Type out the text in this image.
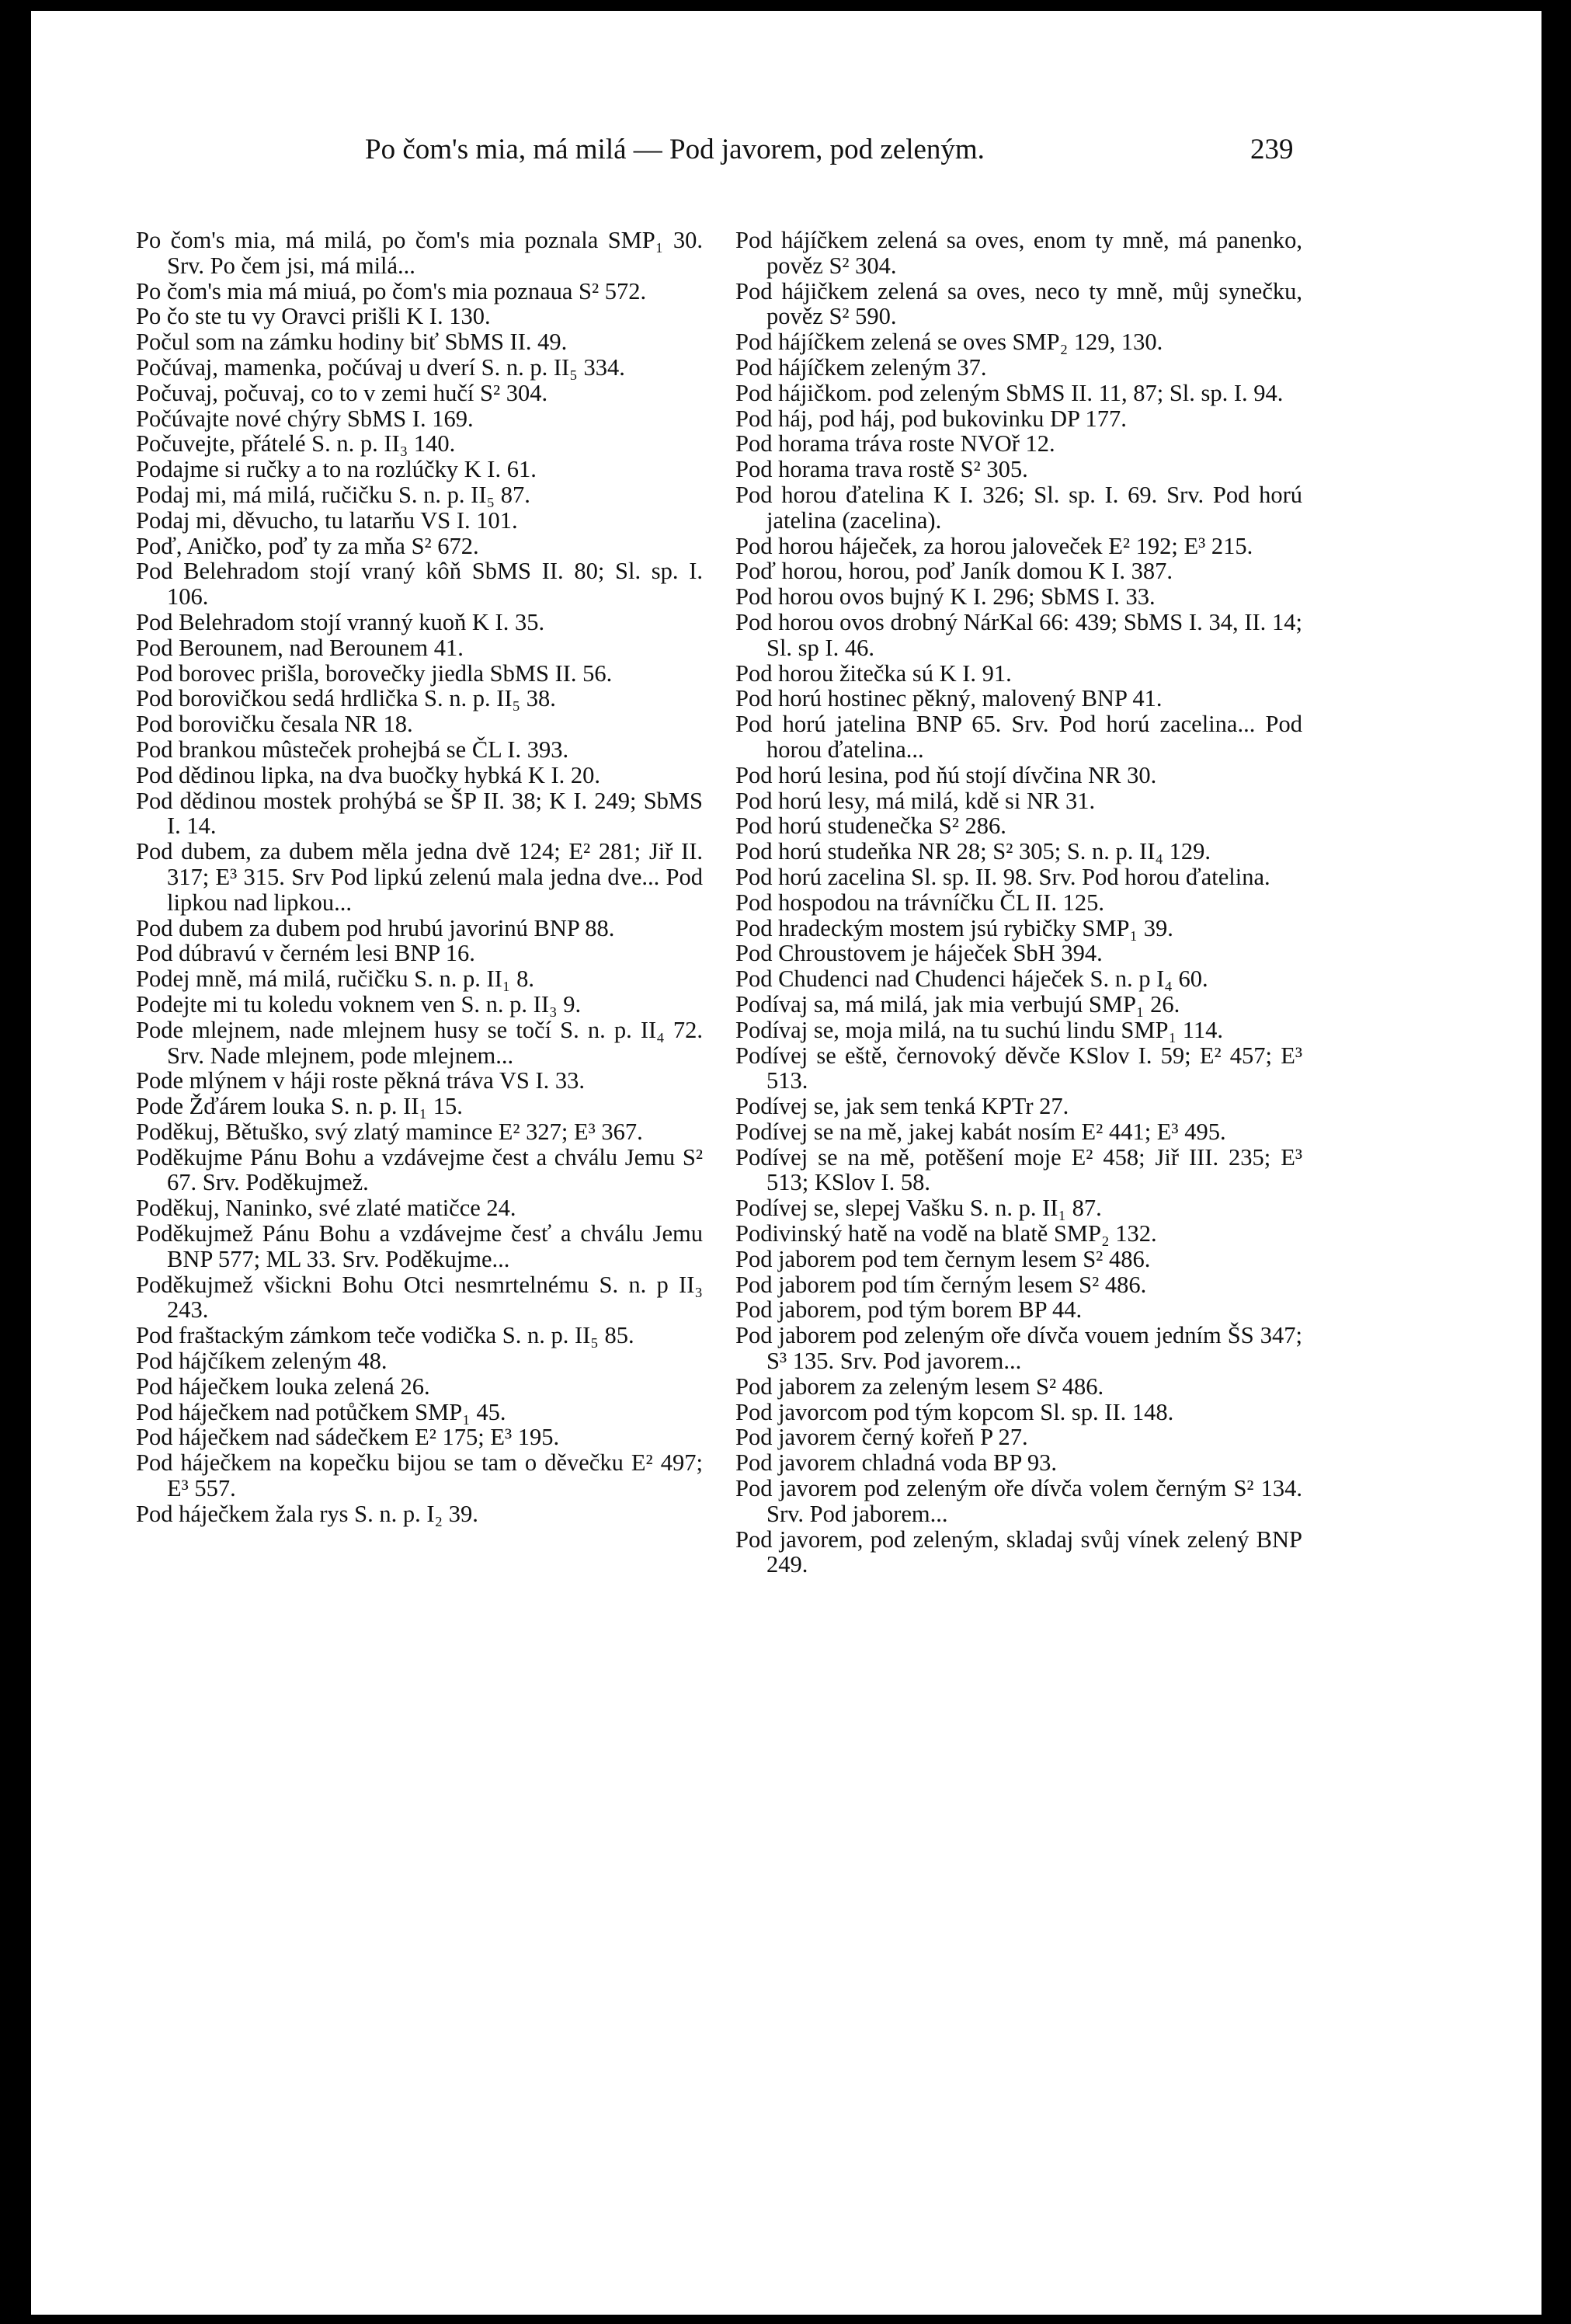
Po čom's mia, má milá — Pod javorem, pod zeleným.	239
Po čom's mia, má milá, po čom's mia poznala SMP₁ 30. Srv. Po čem jsi, má milá...
Po čom's mia má miuá, po čom's mia poznaua S² 572.
Po čo ste tu vy Oravci prišli K I. 130.
Počul som na zámku hodiny biť SbMS II. 49.
Počúvaj, mamenka, počúvaj u dverí S. n. p. II₅ 334.
Počuvaj, počuvaj, co to v zemi hučí S² 304.
Počúvajte nové chýry SbMS I. 169.
Počuvejte, přátelé S. n. p. II₃ 140.
Podajme si ručky a to na rozlúčky K I. 61.
Podaj mi, má milá, ručičku S. n. p. II₅ 87.
Podaj mi, děvucho, tu latarňu VS I. 101.
Poď, Aničko, poď ty za mňa S² 672.
Pod Belehradom stojí vraný kôň SbMS II. 80; Sl. sp. I. 106.
Pod Belehradom stojí vranný kuoň K I. 35.
Pod Berounem, nad Berounem 41.
Pod borovec prišla, borovečky jiedla SbMS II. 56.
Pod borovičkou sedá hrdlička S. n. p. II₅ 38.
Pod borovičku česala NR 18.
Pod brankou mûsteček prohejbá se ČL I. 393.
Pod dědinou lipka, na dva buočky hybká K I. 20.
Pod dědinou mostek prohýbá se ŠP II. 38; K I. 249; SbMS I. 14.
Pod dubem, za dubem měla jedna dvě 124; E² 281; Jiř II. 317; E³ 315. Srv Pod lipkú zelenú mala jedna dve... Pod lipkou nad lipkou...
Pod dubem za dubem pod hrubú javorinú BNP 88.
Pod dúbravú v černém lesi BNP 16.
Podej mně, má milá, ručičku S. n. p. II₁ 8.
Podejte mi tu koledu voknem ven S. n. p. II₃ 9.
Pode mlejnem, nade mlejnem husy se točí S. n. p. II₄ 72. Srv. Nade mlejnem, pode mlejnem...
Pode mlýnem v háji roste pěkná tráva VS I. 33.
Pode Žďárem louka S. n. p. II₁ 15.
Poděkuj, Bětuško, svý zlatý mamince E² 327; E³ 367.
Poděkujme Pánu Bohu a vzdávejme čest a chválu Jemu S² 67. Srv. Poděkujmež.
Poděkuj, Naninko, své zlaté matičce 24.
Poděkujmež Pánu Bohu a vzdávejme česť a chválu Jemu BNP 577; ML 33. Srv. Poděkujme...
Poděkujmež všickni Bohu Otci nesmrtelnému S. n. p II₃ 243.
Pod fraštackým zámkom teče vodička S. n. p. II₅ 85.
Pod hájčíkem zeleným 48.
Pod háječkem louka zelená 26.
Pod háječkem nad potůčkem SMP₁ 45.
Pod háječkem nad sádečkem E² 175; E³ 195.
Pod háječkem na kopečku bijou se tam o děvečku E² 497; E³ 557.
Pod háječkem žala rys S. n. p. I₂ 39.
Pod hájíčkem zelená sa oves, enom ty mně, má panenko, pověz S² 304.
Pod hájičkem zelená sa oves, neco ty mně, můj synečku, pověz S² 590.
Pod hájíčkem zelená se oves SMP₂ 129, 130.
Pod hájíčkem zeleným 37.
Pod hájičkom. pod zeleným SbMS II. 11, 87; Sl. sp. I. 94.
Pod háj, pod háj, pod bukovinku DP 177.
Pod horama tráva roste NVOř 12.
Pod horama trava rostě S² 305.
Pod horou ďatelina K I. 326; Sl. sp. I. 69. Srv. Pod horú jatelina (zacelina).
Pod horou háječek, za horou jaloveček E² 192; E³ 215.
Poď horou, horou, poď Janík domou K I. 387.
Pod horou ovos bujný K I. 296; SbMS I. 33.
Pod horou ovos drobný NárKal 66: 439; SbMS I. 34, II. 14; Sl. sp I. 46.
Pod horou žitečka sú K I. 91.
Pod horú hostinec pěkný, malovený BNP 41.
Pod horú jatelina BNP 65. Srv. Pod horú zacelina... Pod horou ďatelina...
Pod horú lesina, pod ňú stojí dívčina NR 30.
Pod horú lesy, má milá, kdě si NR 31.
Pod horú studenečka S² 286.
Pod horú studeňka NR 28; S² 305; S. n. p. II₄ 129.
Pod horú zacelina Sl. sp. II. 98. Srv. Pod horou ďatelina.
Pod hospodou na trávníčku ČL II. 125.
Pod hradeckým mostem jsú rybičky SMP₁ 39.
Pod Chroustovem je háječek SbH 394.
Pod Chudenci nad Chudenci háječek S. n. p I₄ 60.
Podívaj sa, má milá, jak mia verbujú SMP₁ 26.
Podívaj se, moja milá, na tu suchú lindu SMP₁ 114.
Podívej se eště, černovoký děvče KSlov I. 59; E² 457; E³ 513.
Podívej se, jak sem tenká KPTr 27.
Podívej se na mě, jakej kabát nosím E² 441; E³ 495.
Podívej se na mě, potěšení moje E² 458; Jiř III. 235; E³ 513; KSlov I. 58.
Podívej se, slepej Vašku S. n. p. II₁ 87.
Podivinský hatě na vodě na blatě SMP₂ 132.
Pod jaborem pod tem černym lesem S² 486.
Pod jaborem pod tím černým lesem S² 486.
Pod jaborem, pod tým borem BP 44.
Pod jaborem pod zeleným oře dívča vouem jedním ŠS 347; S³ 135. Srv. Pod javorem...
Pod jaborem za zeleným lesem S² 486.
Pod javorcom pod tým kopcom Sl. sp. II. 148.
Pod javorem černý kořeň P 27.
Pod javorem chladná voda BP 93.
Pod javorem pod zeleným oře dívča volem černým S² 134. Srv. Pod jaborem...
Pod javorem, pod zeleným, skladaj svůj vínek zelený BNP 249.
